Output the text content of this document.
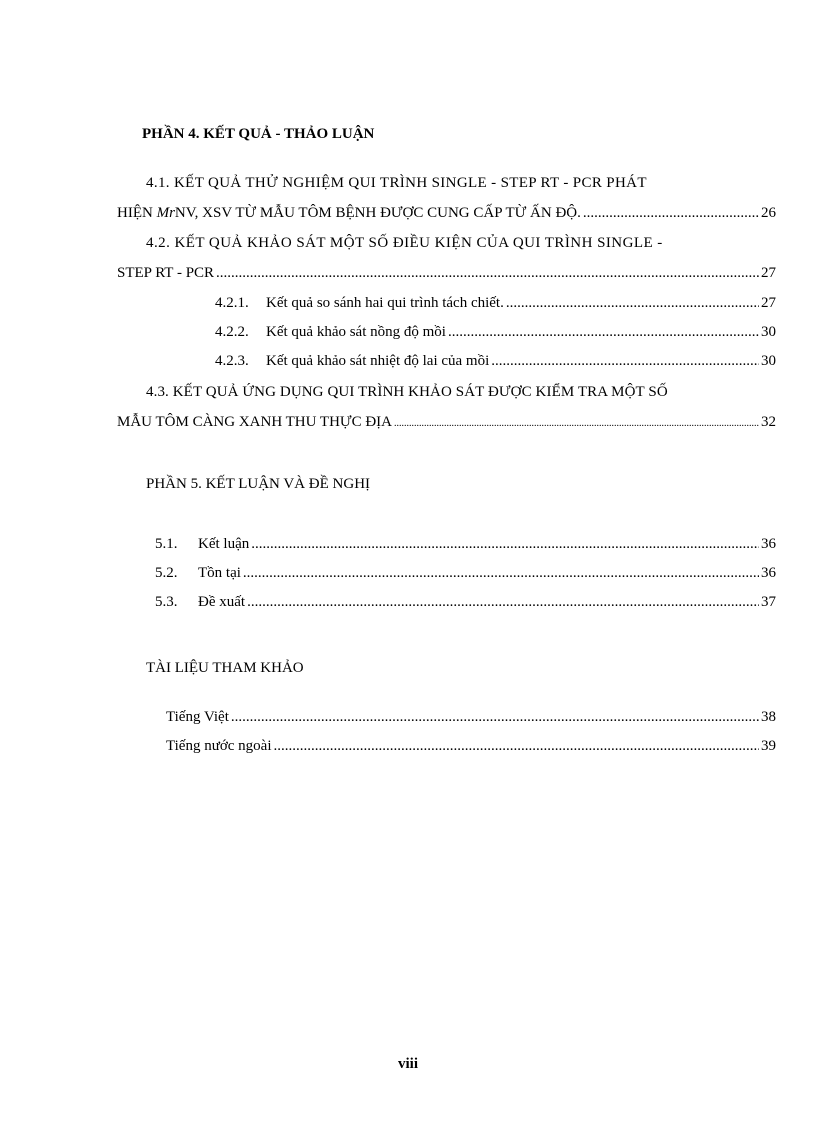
PHẦN 4. KẾT QUẢ - THẢO LUẬN
4.1. KẾT QUẢ THỬ NGHIỆM QUI TRÌNH SINGLE - STEP RT - PCR PHÁT
HIỆN MrNV, XSV TỪ MẪU TÔM BỆNH ĐƯỢC CUNG CẤP TỪ ẤN ĐỘ. .....	26
4.2. KẾT QUẢ KHẢO SÁT MỘT SỐ ĐIỀU KIỆN CỦA QUI TRÌNH SINGLE -
STEP RT - PCR .....	27
4.2.1. Kết quả so sánh hai qui trình tách chiết. .....	27
4.2.2. Kết quả khảo sát nồng độ mồi .....	30
4.2.3. Kết quả khảo sát nhiệt độ lai của mồi .....	30
4.3. KẾT QUẢ ỨNG DỤNG QUI TRÌNH KHẢO SÁT ĐƯỢC KIỂM TRA MỘT SỐ
MẪU TÔM CÀNG XANH THU THỰC ĐỊA .....	32
PHẦN 5. KẾT LUẬN VÀ ĐỀ NGHỊ
5.1. Kết luận .....	36
5.2. Tồn tại .....	36
5.3. Đề xuất .....	37
TÀI LIỆU THAM KHẢO
Tiếng Việt .....	38
Tiếng nước ngoài .....	39
viii
